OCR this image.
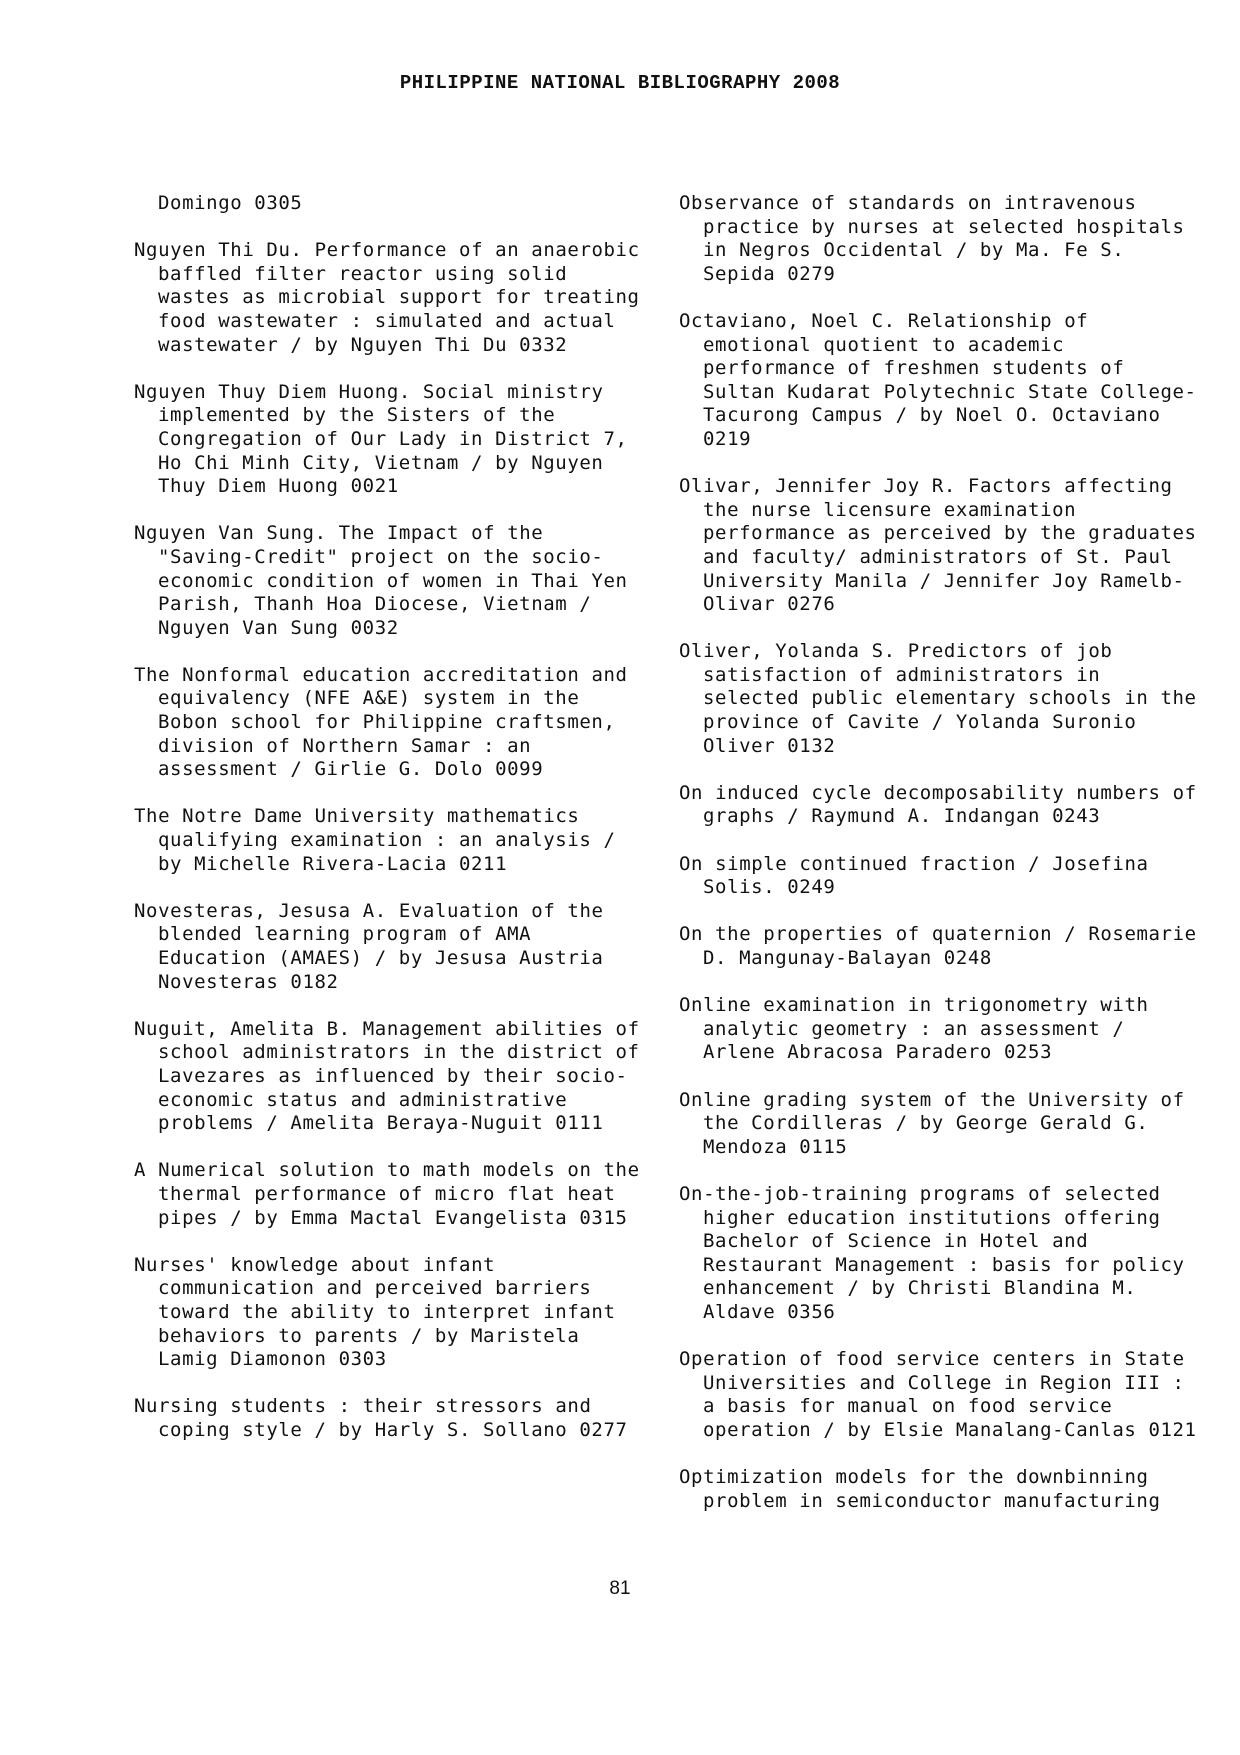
PHILIPPINE NATIONAL BIBLIOGRAPHY 2008

Domingo 0305

Nguyen Thi Du. Performance of an anaerobic baffled filter reactor using solid wastes as microbial support for treating food wastewater : simulated and actual wastewater / by Nguyen Thi Du 0332

Nguyen Thuy Diem Huong. Social ministry implemented by the Sisters of the Congregation of Our Lady in District 7, Ho Chi Minh City, Vietnam / by Nguyen Thuy Diem Huong 0021

Nguyen Van Sung. The Impact of the "Saving-Credit" project on the socio-economic condition of women in Thai Yen Parish, Thanh Hoa Diocese, Vietnam / Nguyen Van Sung 0032

The Nonformal education accreditation and equivalency (NFE A&E) system in the Bobon school for Philippine craftsmen, division of Northern Samar : an assessment / Girlie G. Dolo 0099

The Notre Dame University mathematics qualifying examination : an analysis / by Michelle Rivera-Lacia 0211

Novesteras, Jesusa A. Evaluation of the blended learning program of AMA Education (AMAES) / by Jesusa Austria Novesteras 0182

Nuguit, Amelita B. Management abilities of school administrators in the district of Lavezares as influenced by their socio-economic status and administrative problems / Amelita Beraya-Nuguit 0111

A Numerical solution to math models on the thermal performance of micro flat heat pipes / by Emma Mactal Evangelista 0315

Nurses' knowledge about infant communication and perceived barriers toward the ability to interpret infant behaviors to parents / by Maristela Lamig Diamonon 0303

Nursing students : their stressors and coping style / by Harly S. Sollano 0277

Observance of standards on intravenous practice by nurses at selected hospitals in Negros Occidental / by Ma. Fe S. Sepida 0279

Octaviano, Noel C. Relationship of emotional quotient to academic performance of freshmen students of Sultan Kudarat Polytechnic State College-Tacurong Campus / by Noel O. Octaviano 0219

Olivar, Jennifer Joy R. Factors affecting the nurse licensure examination performance as perceived by the graduates and faculty/ administrators of St. Paul University Manila / Jennifer Joy Ramelb-Olivar 0276

Oliver, Yolanda S. Predictors of job satisfaction of administrators in selected public elementary schools in the province of Cavite / Yolanda Suronio Oliver 0132

On induced cycle decomposability numbers of graphs / Raymund A. Indangan 0243

On simple continued fraction / Josefina Solis. 0249

On the properties of quaternion / Rosemarie D. Mangunay-Balayan 0248

Online examination in trigonometry with analytic geometry : an assessment / Arlene Abracosa Paradero 0253

Online grading system of the University of the Cordilleras / by George Gerald G. Mendoza 0115

On-the-job-training programs of selected higher education institutions offering Bachelor of Science in Hotel and Restaurant Management : basis for policy enhancement / by Christi Blandina M. Aldave 0356

Operation of food service centers in State Universities and College in Region III : a basis for manual on food service operation / by Elsie Manalang-Canlas 0121

Optimization models for the downbinning problem in semiconductor manufacturing

81
